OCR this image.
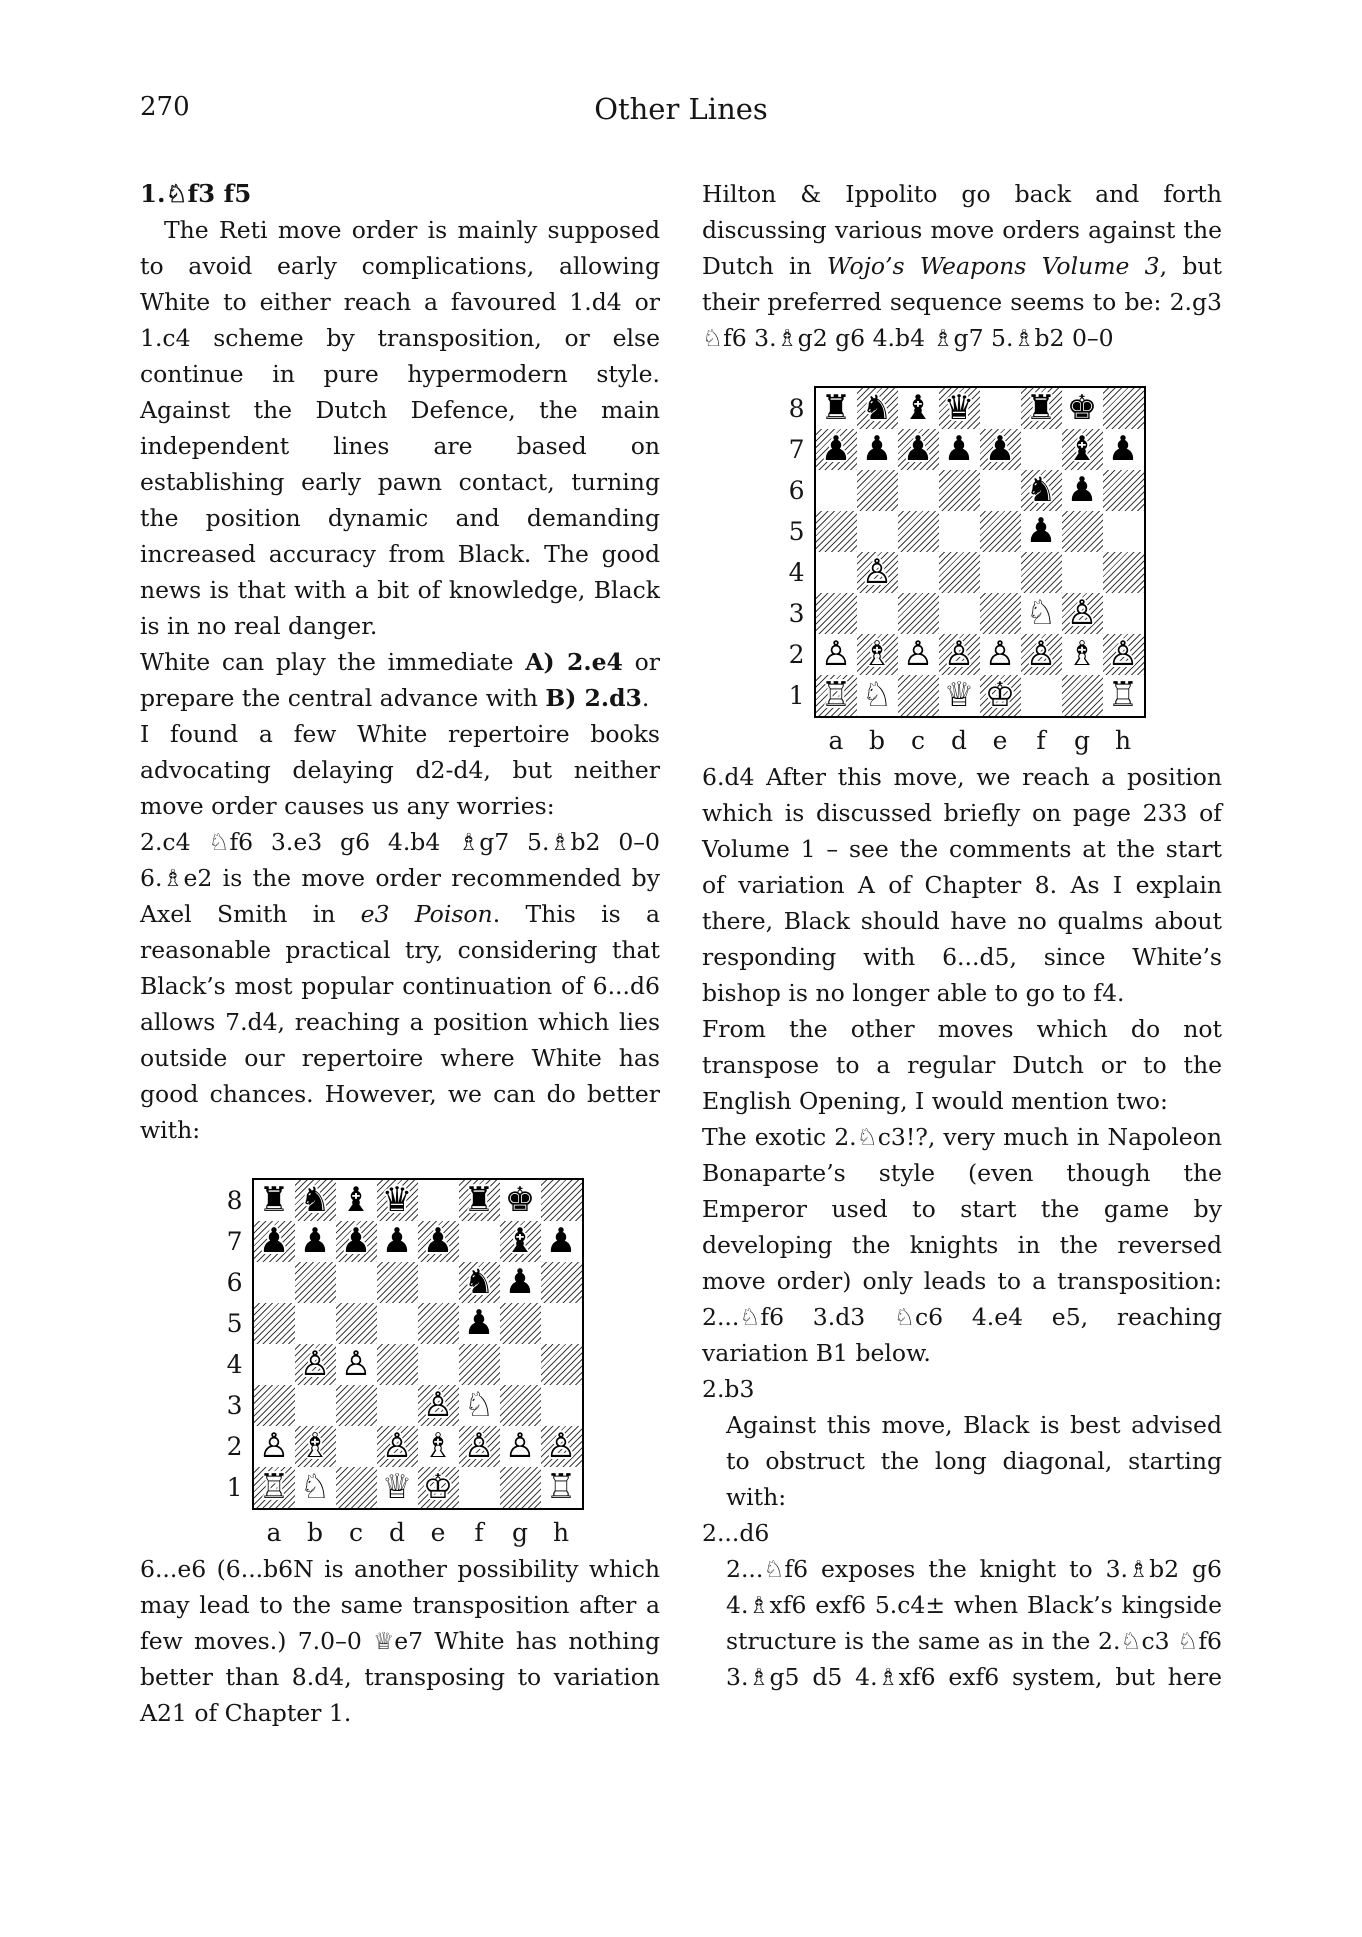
270	Other Lines

1.♘f3 f5

The Reti move order is mainly supposed to avoid early complications, allowing White to either reach a favoured 1.d4 or 1.c4 scheme by transposition, or else continue in pure hypermodern style. Against the Dutch Defence, the main independent lines are based on establishing early pawn contact, turning the position dynamic and demanding increased accuracy from Black. The good news is that with a bit of knowledge, Black is in no real danger.

White can play the immediate A) 2.e4 or prepare the central advance with B) 2.d3.

I found a few White repertoire books advocating delaying d2-d4, but neither move order causes us any worries:

2.c4 ♘f6 3.e3 g6 4.b4 ♗g7 5.♗b2 0–0 6.♗e2 is the move order recommended by Axel Smith in e3 Poison. This is a reasonable practical try, considering that Black’s most popular continuation of 6...d6 allows 7.d4, reaching a position which lies outside our repertoire where White has good chances. However, we can do better with:

8
7
6
5
4
3
2
1
♜ ♞ ♝ ♛ ♜ ♚
♟ ♟ ♟ ♟ ♟ ♝ ♟
♞ ♟
♟
♙ ♙
♙ ♘
♙ ♗ ♙ ♗ ♙ ♙ ♙
♖ ♘ ♕ ♔	♖
a	b	c	d	e	f	g h

6...e6 (6...b6N is another possibility which may lead to the same transposition after a few moves.) 7.0–0 ♕e7 White has nothing better than 8.d4, transposing to variation A21 of Chapter 1.

Hilton & Ippolito go back and forth discussing various move orders against the Dutch in Wojo’s Weapons Volume 3, but their preferred sequence seems to be: 2.g3 ♘f6 3.♗g2 g6 4.b4 ♗g7 5.♗b2 0–0

8
7
6
5
4
3
2
1
♜ ♞ ♝ ♛ ♜ ♚
♟ ♟ ♟ ♟ ♟ ♝ ♟
♞ ♟
♟
♙
♘ ♙
♙ ♗ ♙ ♙ ♙ ♙ ♗ ♙
♖ ♘ ♕ ♔	♖
a	b	c	d	e	f	g h

6.d4 After this move, we reach a position which is discussed briefly on page 233 of Volume 1 – see the comments at the start of variation A of Chapter 8. As I explain there, Black should have no qualms about responding with 6...d5, since White’s bishop is no longer able to go to f4.

From the other moves which do not transpose to a regular Dutch or to the English Opening, I would mention two:

The exotic 2.♘c3!?, very much in Napoleon Bonaparte’s style (even though the Emperor used to start the game by developing the knights in the reversed move order) only leads to a transposition: 2...♘f6 3.d3 ♘c6 4.e4 e5, reaching variation B1 below.

2.b3

Against this move, Black is best advised to obstruct the long diagonal, starting with:

2...d6

2...♘f6 exposes the knight to 3.♗b2 g6 4.♗xf6 exf6 5.c4± when Black’s kingside structure is the same as in the 2.♘c3 ♘f6 3.♗g5 d5 4.♗xf6 exf6 system, but here
